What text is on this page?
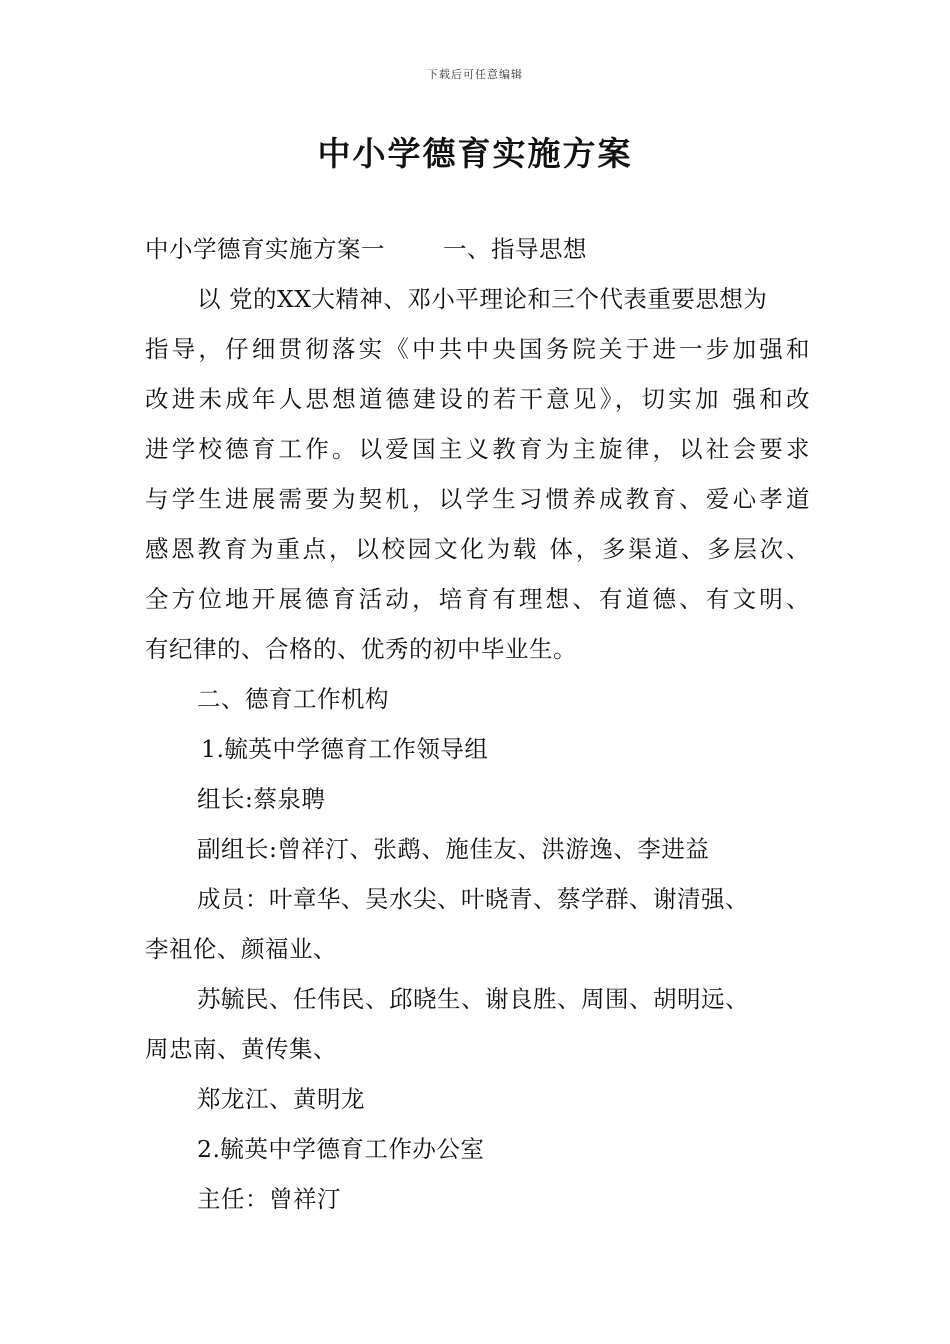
下载后可任意编辑
中小学德育实施方案
中小学德育实施方案一 一、指导思想
以 党的XX大精神、邓小平理论和三个代表重要思想为
指导，仔细贯彻落实《中共中央国务院关于进一步加强和
改进未成年人思想道德建设的若干意见》，切实加 强和改
进学校德育工作。以爱国主义教育为主旋律，以社会要求
与学生进展需要为契机，以学生习惯养成教育、爱心孝道
感恩教育为重点，以校园文化为载 体，多渠道、多层次、
全方位地开展德育活动，培育有理想、有道德、有文明、
有纪律的、合格的、优秀的初中毕业生。
二、德育工作机构
1.毓英中学德育工作领导组
组长:蔡泉聘
副组长:曾祥汀、张鹉、施佳友、洪游逸、李进益
成员：叶章华、吴水尖、叶晓青、蔡学群、谢清强、
李祖伦、颜福业、
苏毓民、任伟民、邱晓生、谢良胜、周围、胡明远、
周忠南、黄传集、
郑龙江、黄明龙
2.毓英中学德育工作办公室
主任：曾祥汀
